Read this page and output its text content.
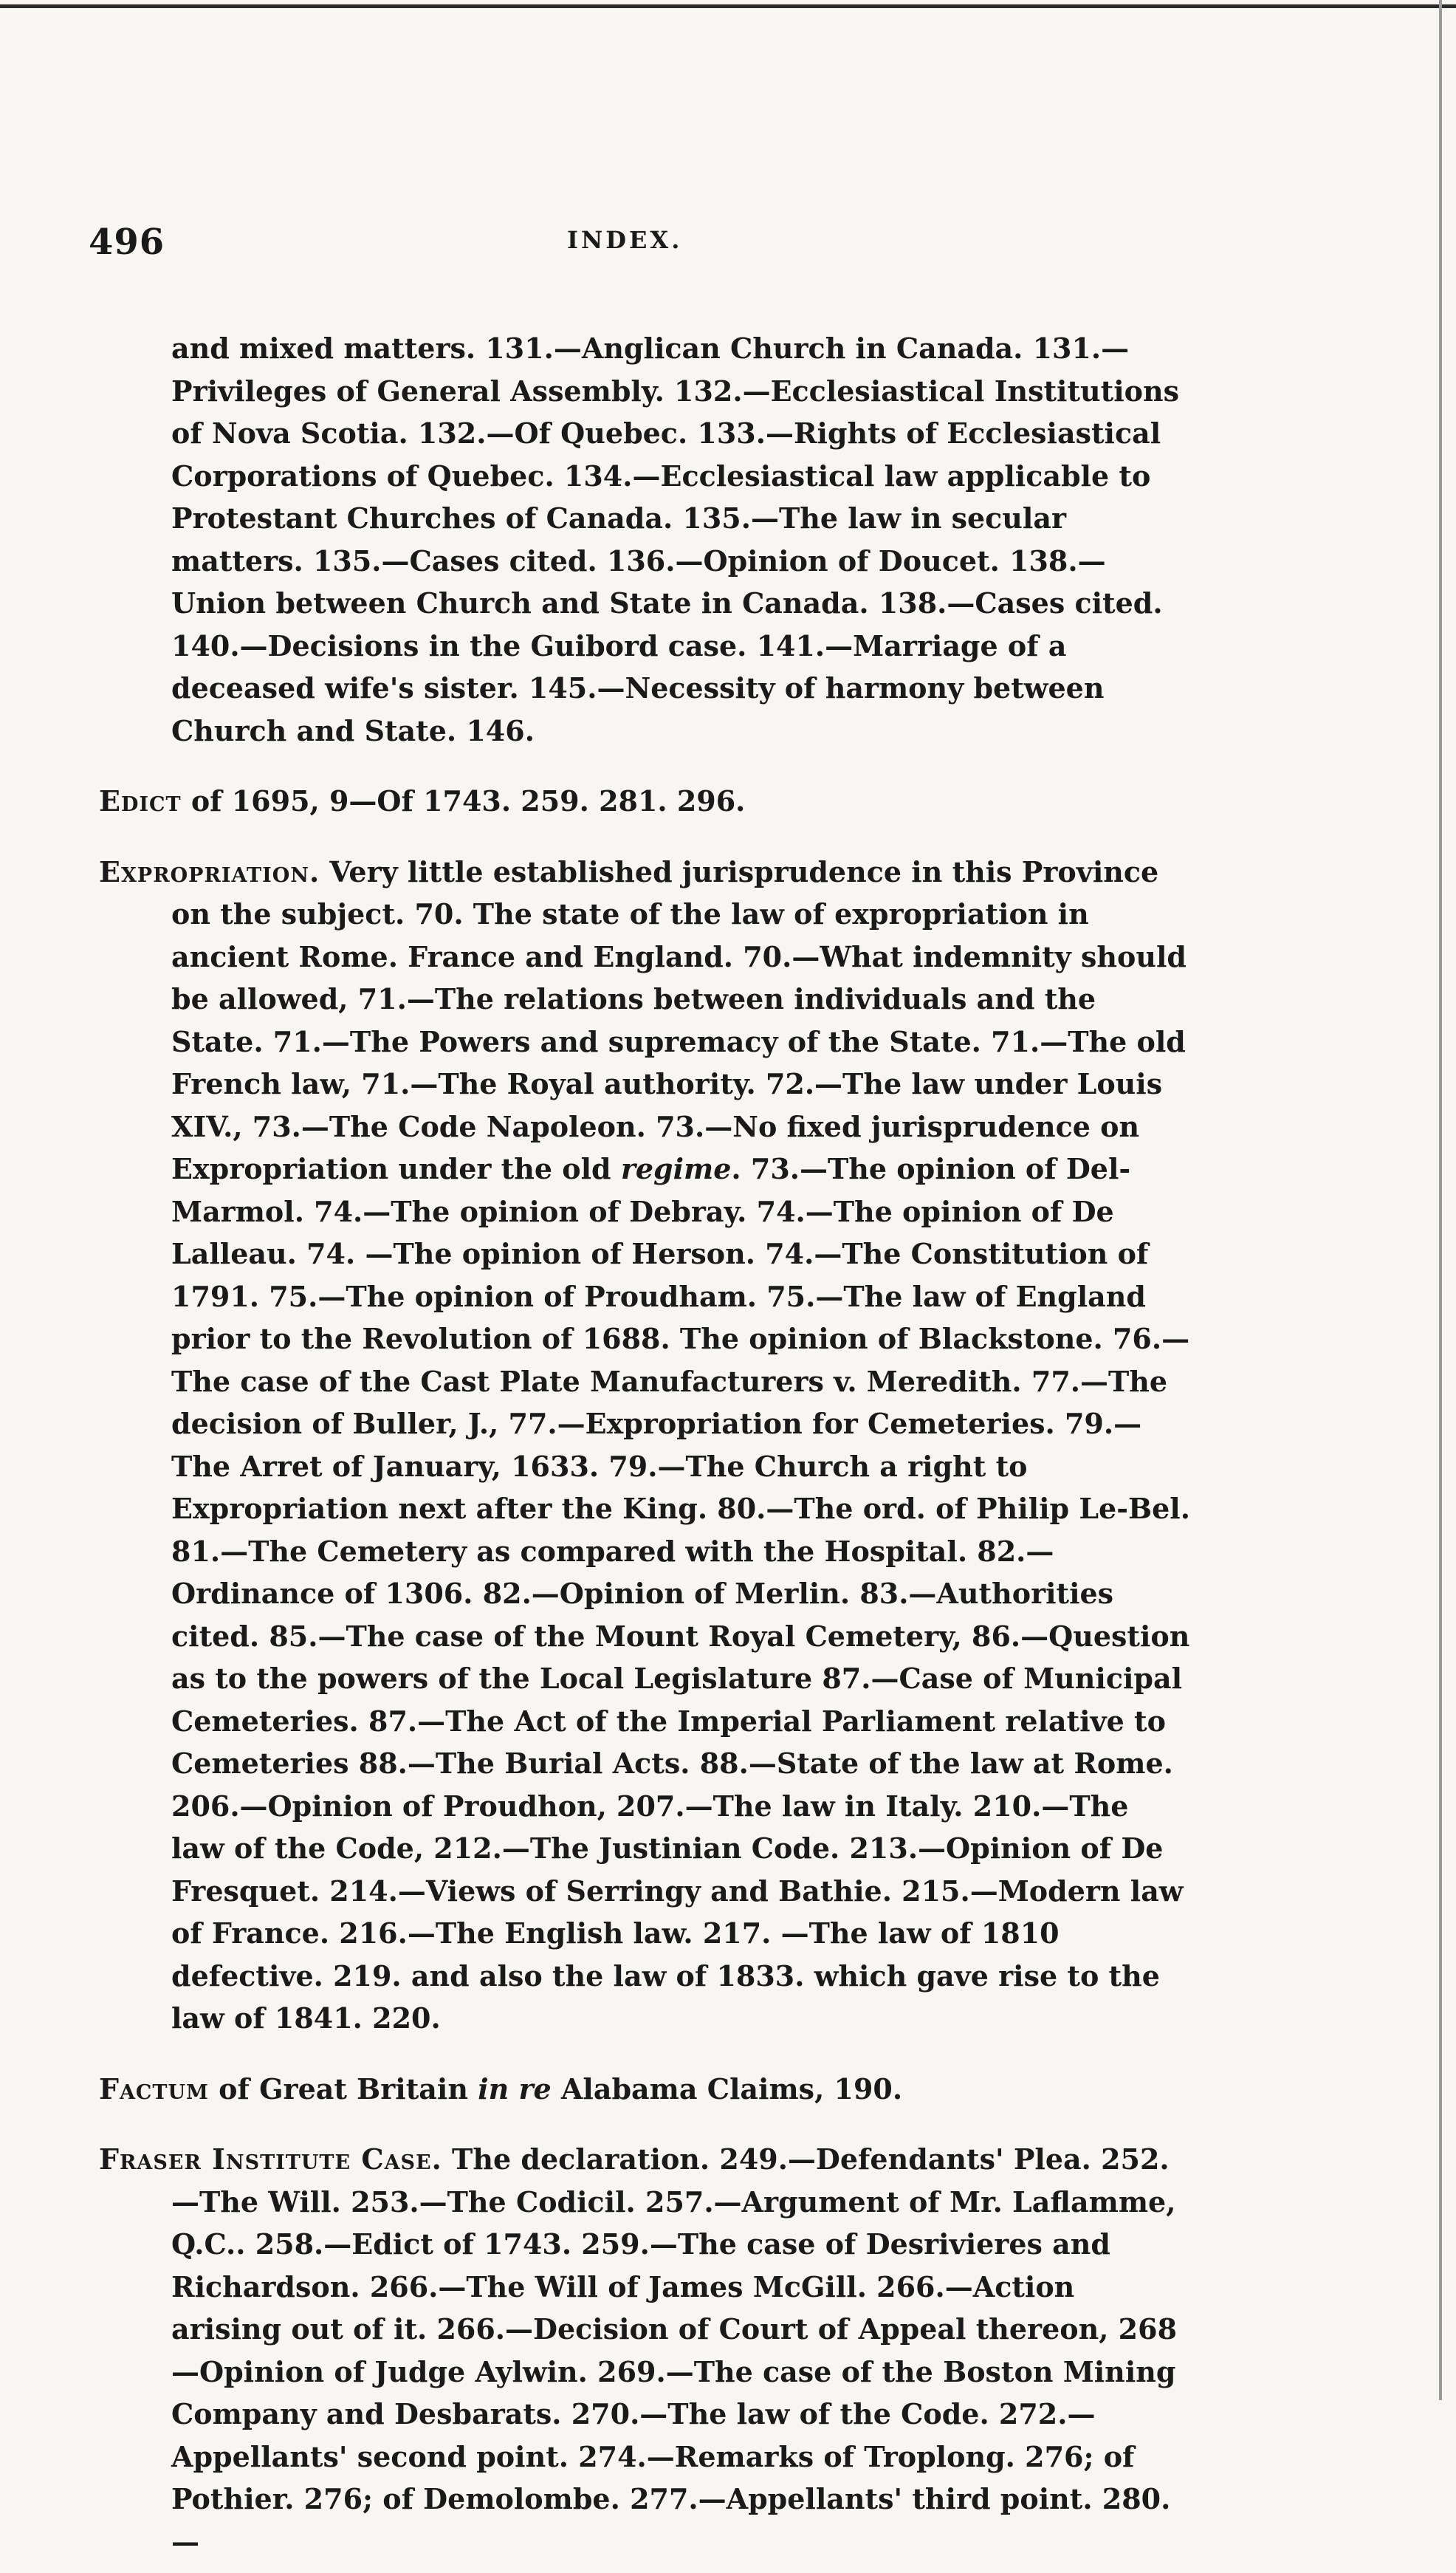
496	INDEX.

and mixed matters. 131.—Anglican Church in Canada. 131.—Privileges of General Assembly. 132.—Ecclesiastical Institutions of Nova Scotia. 132.—Of Quebec. 133.—Rights of Ecclesiastical Corporations of Quebec. 134.—Ecclesiastical law applicable to Protestant Churches of Canada. 135.—The law in secular matters. 135.—Cases cited. 136.—Opinion of Doucet. 138.—Union between Church and State in Canada. 138.—Cases cited. 140.—Decisions in the Guibord case. 141.—Marriage of a deceased wife's sister. 145.—Necessity of harmony between Church and State. 146.

Edict of 1695, 9—Of 1743. 259. 281. 296.

Expropriation. Very little established jurisprudence in this Province on the subject. 70. The state of the law of expropriation in ancient Rome. France and England. 70.—What indemnity should be allowed, 71.—The relations between individuals and the State. 71.—The Powers and supremacy of the State. 71.—The old French law, 71.—The Royal authority. 72.—The law under Louis XIV., 73.—The Code Napoleon. 73.—No fixed jurisprudence on Expropriation under the old regime. 73.—The opinion of Del-Marmol. 74.—The opinion of Debray. 74.—The opinion of De Lalleau. 74. —The opinion of Herson. 74.—The Constitution of 1791. 75.—The opinion of Proudham. 75.—The law of England prior to the Revolution of 1688. The opinion of Blackstone. 76.—The case of the Cast Plate Manufacturers v. Meredith. 77.—The decision of Buller, J., 77.—Expropriation for Cemeteries. 79.—The Arret of January, 1633. 79.—The Church a right to Expropriation next after the King. 80.—The ord. of Philip Le-Bel. 81.—The Cemetery as compared with the Hospital. 82.—Ordinance of 1306. 82.—Opinion of Merlin. 83.—Authorities cited. 85.—The case of the Mount Royal Cemetery, 86.—Question as to the powers of the Local Legislature 87.—Case of Municipal Cemeteries. 87.—The Act of the Imperial Parliament relative to Cemeteries 88.—The Burial Acts. 88.—State of the law at Rome. 206.—Opinion of Proudhon, 207.—The law in Italy. 210.—The law of the Code, 212.—The Justinian Code. 213.—Opinion of De Fresquet. 214.—Views of Serringy and Bathie. 215.—Modern law of France. 216.—The English law. 217. —The law of 1810 defective. 219. and also the law of 1833. which gave rise to the law of 1841. 220.

Factum of Great Britain in re Alabama Claims, 190.

Fraser Institute Case. The declaration. 249.—Defendants' Plea. 252.—The Will. 253.—The Codicil. 257.—Argument of Mr. Laflamme, Q.C.. 258.—Edict of 1743. 259.—The case of Desrivieres and Richardson. 266.—The Will of James McGill. 266.—Action arising out of it. 266.—Decision of Court of Appeal thereon, 268—Opinion of Judge Aylwin. 269.—The case of the Boston Mining Company and Desbarats. 270.—The law of the Code. 272.—Appellants' second point. 274.—Remarks of Troplong. 276; of Pothier. 276; of Demolombe. 277.—Appellants' third point. 280.—
